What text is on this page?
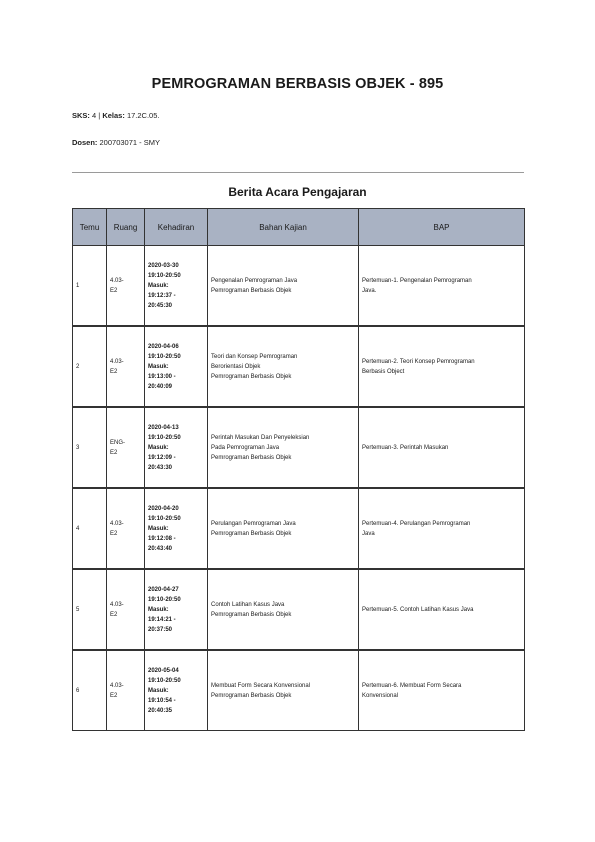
PEMROGRAMAN BERBASIS OBJEK - 895
SKS: 4 | Kelas: 17.2C.05.
Dosen: 200703071 - SMY
Berita Acara Pengajaran
Temu	Ruang	Kehadiran	Bahan Kajian	BAP
1	4.03-
E2	2020-03-30
19:10-20:50
Masuk:
19:12:37 -
20:45:30	Pengenalan Pemrograman Java
Pemrograman Berbasis Objek	Pertemuan-1. Pengenalan Pemrograman
Java.

2	4.03-
E2	2020-04-06
19:10-20:50
Masuk:
19:13:00 -
20:40:09	Teori dan Konsep Pemrograman
Berorientasi Objek
Pemrograman Berbasis Objek	Pertemuan-2. Teori Konsep Pemrograman
Berbasis Object

3	ENG-
E2	2020-04-13
19:10-20:50
Masuk:
19:12:09 -
20:43:30	Perintah Masukan Dan Penyeleksian
Pada Pemrograman Java
Pemrograman Berbasis Objek	Pertemuan-3. Perintah Masukan

4	4.03-
E2	2020-04-20
19:10-20:50
Masuk:
19:12:08 -
20:43:40	Perulangan Pemrograman Java
Pemrograman Berbasis Objek	Pertemuan-4. Perulangan Pemrograman
Java

5	4.03-
E2	2020-04-27
19:10-20:50
Masuk:
19:14:21 -
20:37:50	Contoh Latihan Kasus Java
Pemrograman Berbasis Objek	Pertemuan-5. Contoh Latihan Kasus Java

6	4.03-
E2	2020-05-04
19:10-20:50
Masuk:
19:10:54 -
20:40:35	Membuat Form Secara Konvensional
Pemrograman Berbasis Objek	Pertemuan-6. Membuat Form Secara
Konvensional
